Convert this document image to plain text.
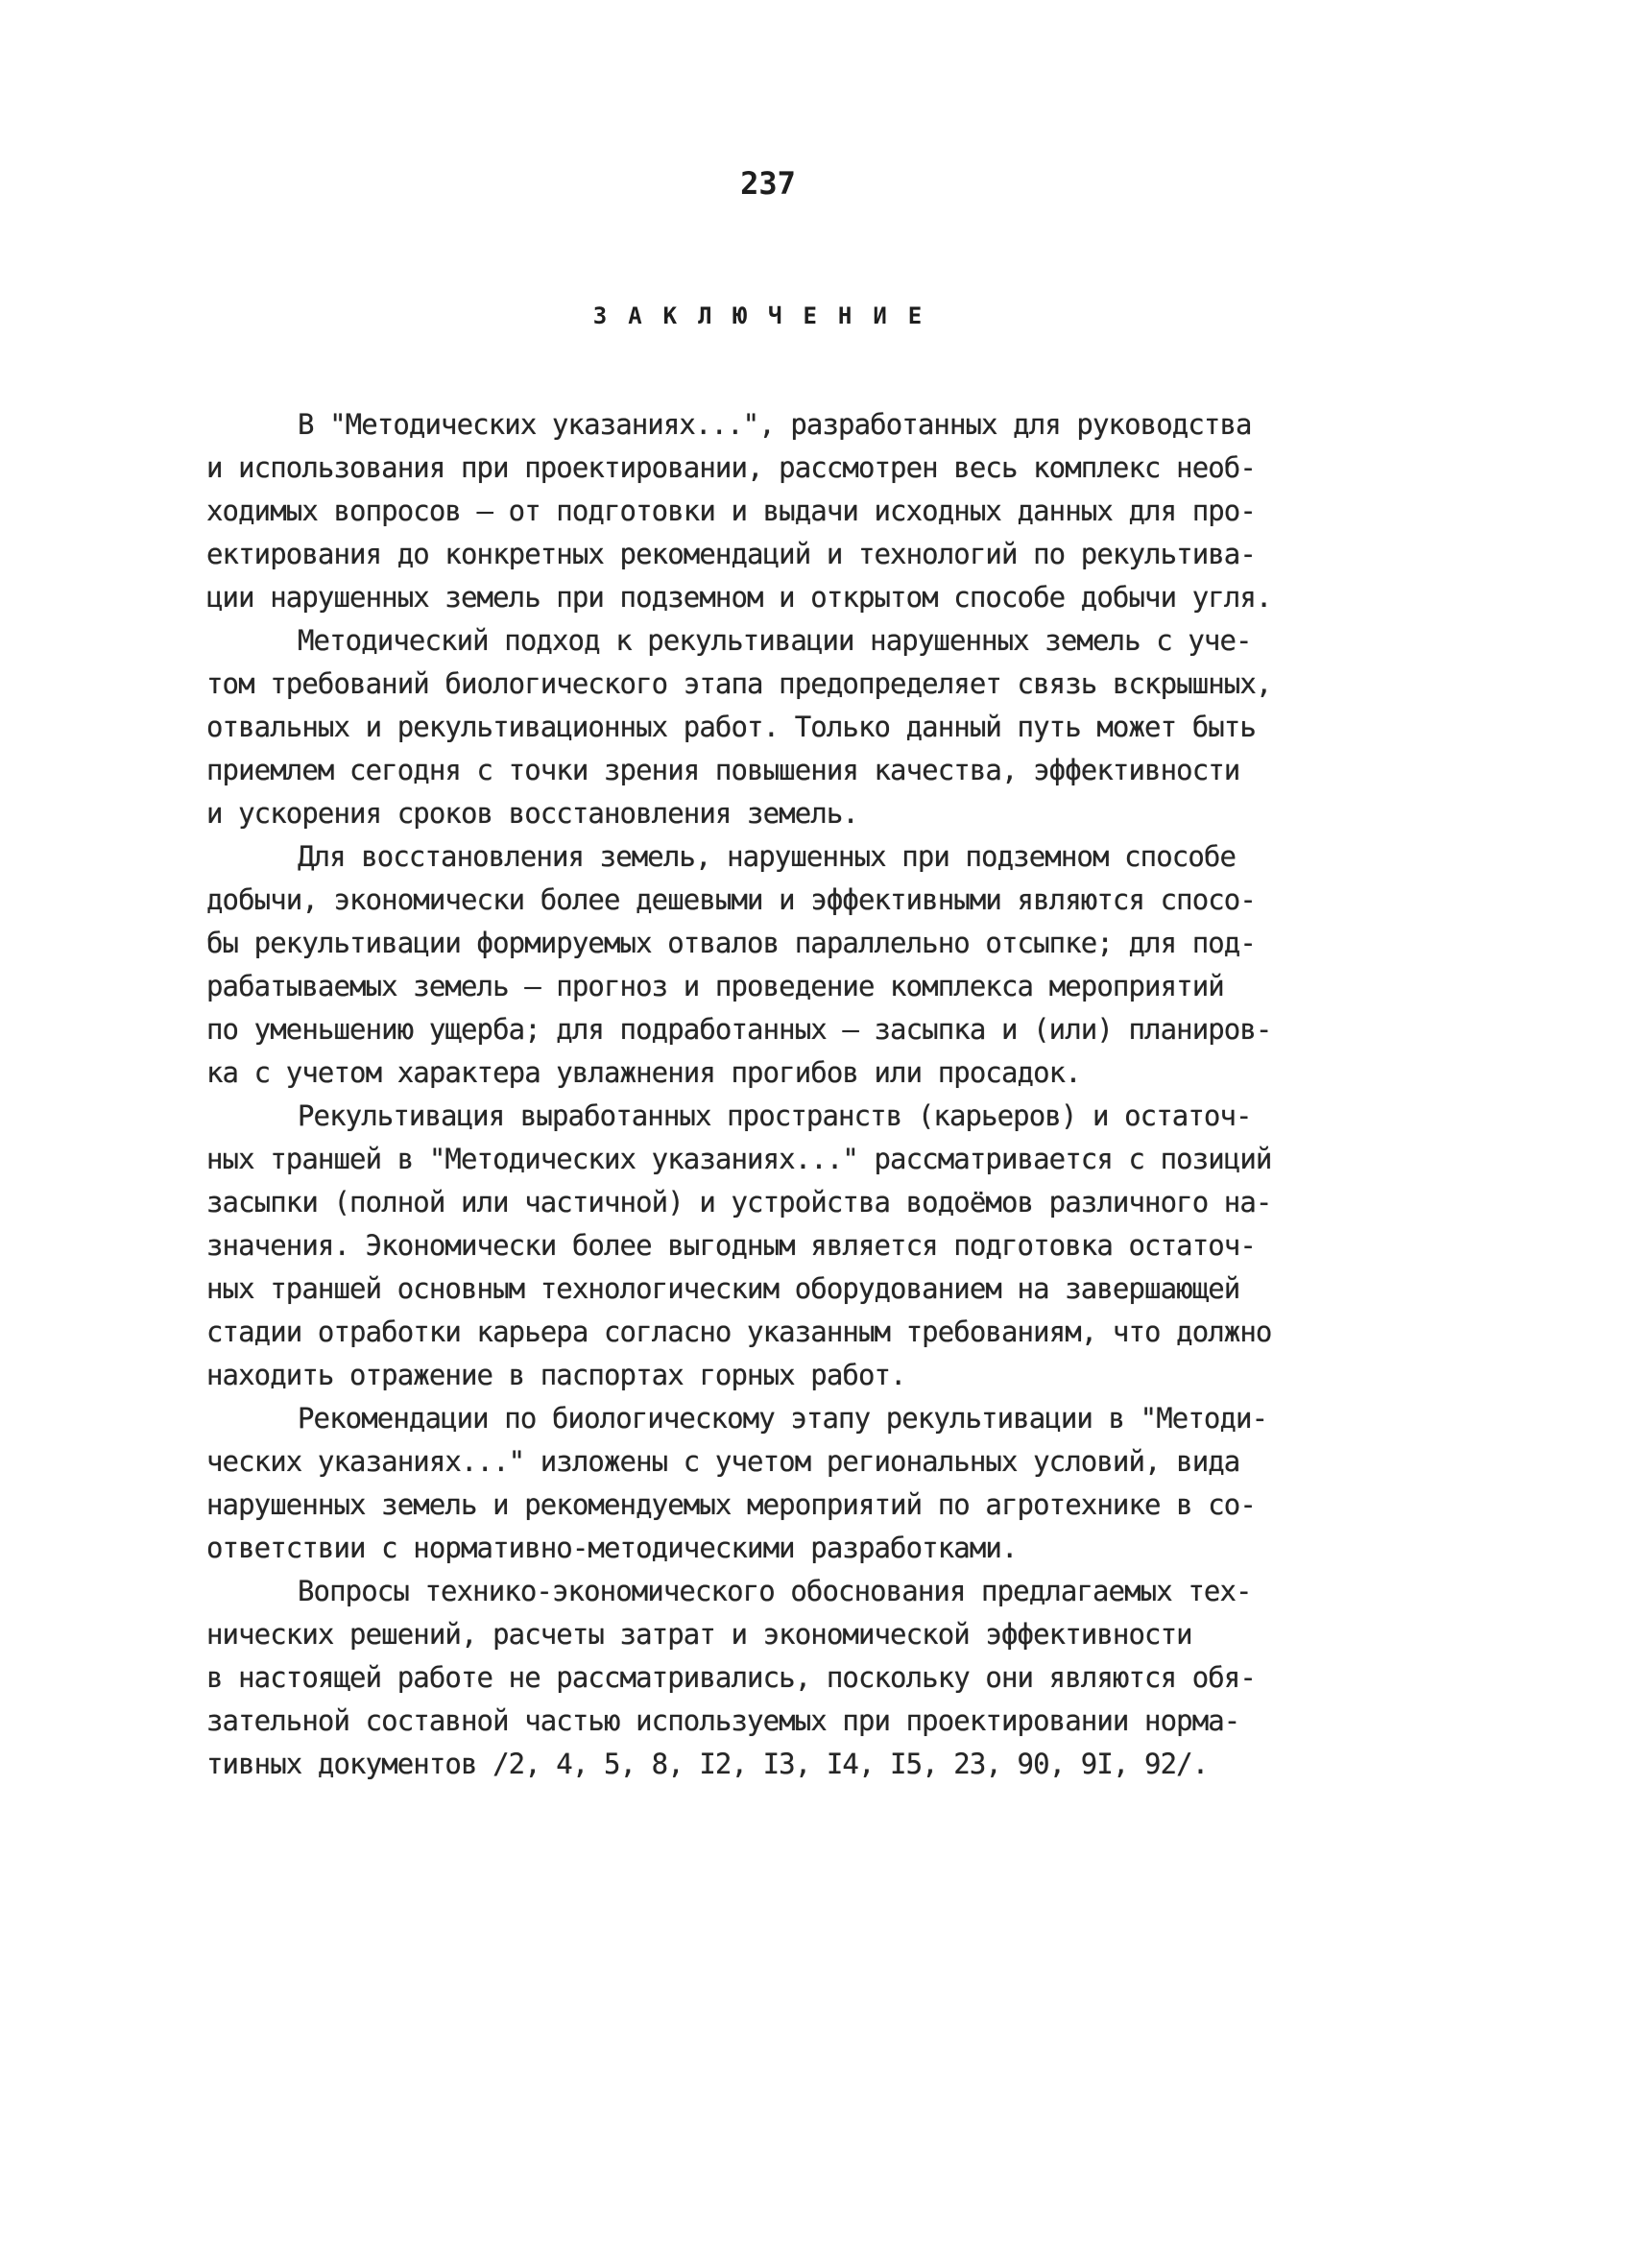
237
ЗАКЛЮЧЕНИЕ
В "Методических указаниях...", разработанных для руководства
и использования при проектировании, рассмотрен весь комплекс необ-
ходимых вопросов – от подготовки и выдачи исходных данных для про-
ектирования до конкретных рекомендаций и технологий по рекультива-
ции нарушенных земель при подземном и открытом способе добычи угля.
Методический подход к рекультивации нарушенных земель с уче-
том требований биологического этапа предопределяет связь вскрышных,
отвальных и рекультивационных работ. Только данный путь может быть
приемлем сегодня с точки зрения повышения качества, эффективности
и ускорения сроков восстановления земель.
Для восстановления земель, нарушенных при подземном способе
добычи, экономически более дешевыми и эффективными являются спосо-
бы рекультивации формируемых отвалов параллельно отсыпке; для под-
рабатываемых земель – прогноз и проведение комплекса мероприятий
по уменьшению ущерба; для подработанных – засыпка и (или) планиров-
ка с учетом характера увлажнения прогибов или просадок.
Рекультивация выработанных пространств (карьеров) и остаточ-
ных траншей в "Методических указаниях..." рассматривается с позиций
засыпки (полной или частичной) и устройства водоёмов различного на-
значения. Экономически более выгодным является подготовка остаточ-
ных траншей основным технологическим оборудованием на завершающей
стадии отработки карьера согласно указанным требованиям, что должно
находить отражение в паспортах горных работ.
Рекомендации по биологическому этапу рекультивации в "Методи-
ческих указаниях..." изложены с учетом региональных условий, вида
нарушенных земель и рекомендуемых мероприятий по агротехнике в со-
ответствии с нормативно-методическими разработками.
Вопросы технико-экономического обоснования предлагаемых тех-
нических решений, расчеты затрат и экономической эффективности
в настоящей работе не рассматривались, поскольку они являются обя-
зательной составной частью используемых при проектировании норма-
тивных документов /2, 4, 5, 8, I2, I3, I4, I5, 23, 90, 9I, 92/.
